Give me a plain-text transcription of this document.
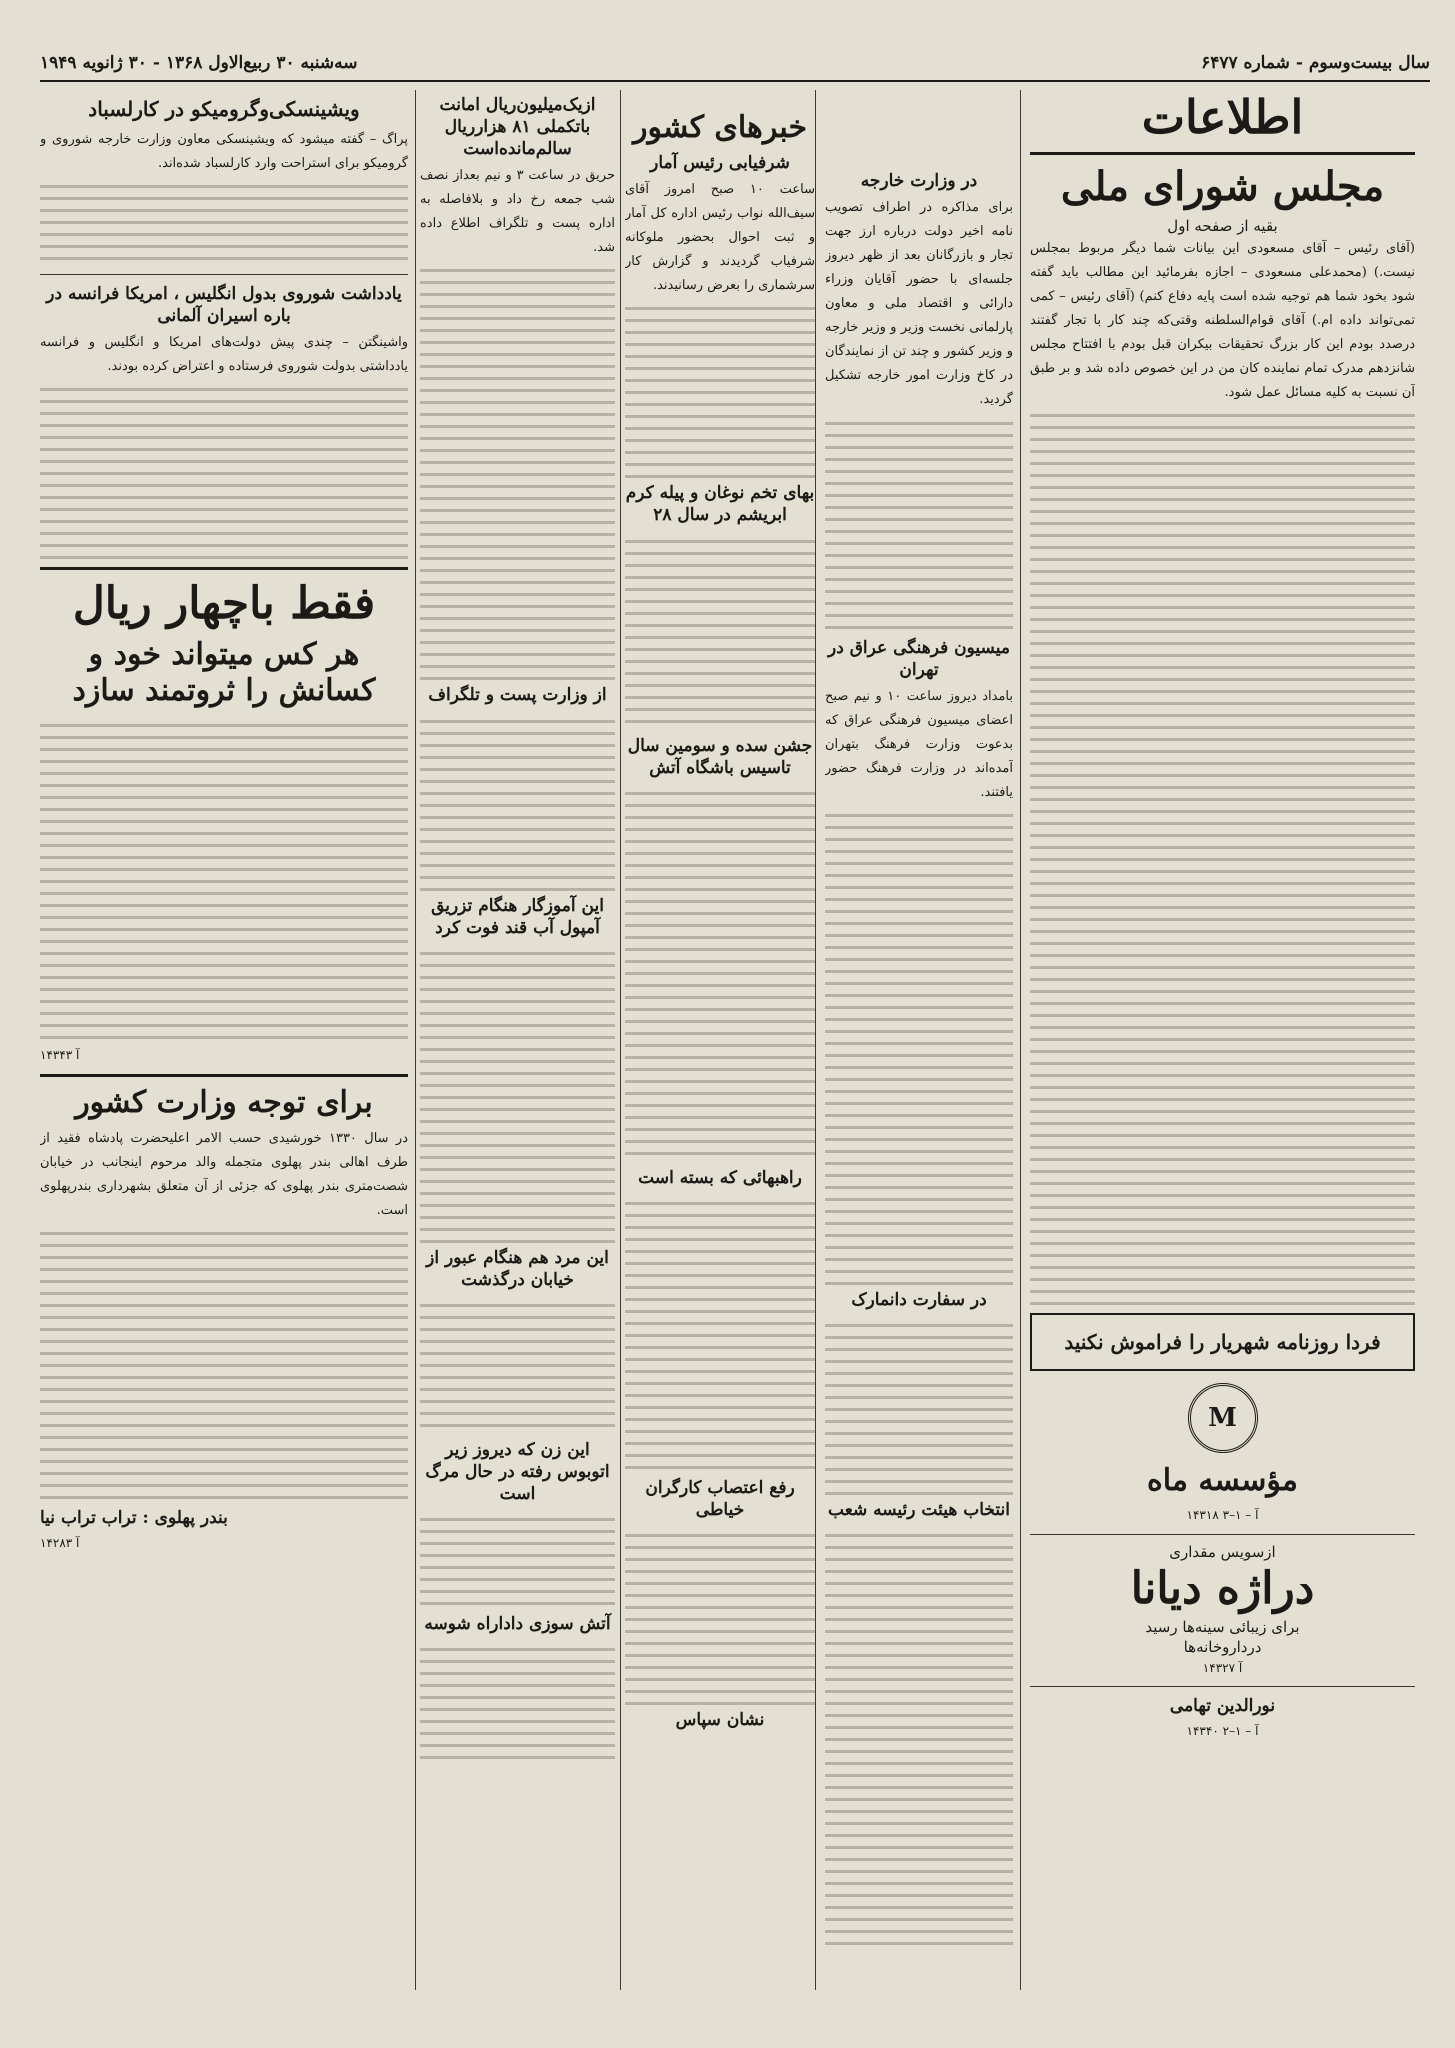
سال بیست‌وسوم - شماره ۶۴۷۷
سه‌شنبه ۳۰ ربیع‌الاول ۱۳۶۸ - ۳۰ ژانویه ۱۹۴۹
اطلاعات
مجلس شورای ملی
بقیه از صفحه اول

(آقای رئیس – آقای مسعودی این بیانات شما دیگر مربوط بمجلس نیست.) (محمدعلی مسعودی – اجازه بفرمائید این مطالب باید گفته شود بخود شما هم توجیه شده است پایه دفاع کنم) (آقای رئیس – کمی تمی‌تواند داده ام.) آقای قوام‌السلطنه وقتی‌که چند کار با تجار گفتند درصدد بودم این کار بزرگ تحقیقات بیکران قبل بودم با افتتاح مجلس شانزدهم مدرک تمام نماینده کان من در این خصوص داده شد و بر طبق آن نسبت به کلیه مسائل عمل شود.

فردا روزنامه شهریار را فراموش نکنید
M
مؤسسه ماه
۱۴۳۱۸ آ – ۱–۳
ازسویس مقداری
دراژه دیانا
برای زیبائی سینه‌ها رسید
درداروخانه‌ها
۱۴۳۲۷ آ
نورالدین تهامی
۱۴۳۴۰ آ – ۱–۲
در وزارت خارجه

برای مذاکره در اطراف تصویب نامه اخیر دولت درباره ارز جهت تجار و بازرگانان بعد از ظهر دیروز جلسه‌ای با حضور آقایان وزراء دارائی و اقتصاد ملی و معاون پارلمانی نخست وزیر و وزیر خارجه و وزیر کشور و چند تن از نمایندگان در کاخ وزارت امور خارجه تشکیل گردید.

میسیون فرهنگی عراق در تهران

بامداد دیروز ساعت ۱۰ و نیم صبح اعضای میسیون فرهنگی عراق که بدعوت وزارت فرهنگ بتهران آمده‌اند در وزارت فرهنگ حضور یافتند.

در سفارت دانمارک
انتخاب هیئت رئیسه شعب
خبرهای کشور
شرفیابی رئیس آمار

ساعت ۱۰ صبح امروز آقای سیف‌الله نواب رئیس اداره کل آمار و ثبت احوال بحضور ملوکانه شرفیاب گردیدند و گزارش کار سرشماری را بعرض رسانیدند.

بهای تخم نوغان و پیله کرم ابریشم در سال ۲۸
جشن سده و سومین سال تاسیس باشگاه آتش
راهبهائی که بسته است
رفع اعتصاب کارگران خیاطی
نشان سپاس
ازیک‌میلیون‌ریال امانت باتکملی ۸۱ هزارریال سالم‌مانده‌است

حریق در ساعت ۳ و نیم بعداز نصف شب جمعه‌ رخ داد و بلافاصله به اداره پست و تلگراف اطلاع داده شد.

از وزارت پست و تلگراف
این آموزگار هنگام تزریق آمپول آب قند فوت کرد
این مرد هم هنگام عبور از خیابان درگذشت
این زن که دیروز زیر اتوبوس رفته در حال مرگ است
آتش سوزی داداراه شوسه
ویشینسکی‌وگرومیکو در کارلسباد

پراگ – گفته میشود که ویشینسکی معاون وزارت خارجه شوروی و گرومیکو برای استراحت وارد کارلسباد شده‌اند.

یادداشت شوروی بدول انگلیس ، امریکا فرانسه در باره اسیران آلمانی

واشینگتن – چندی پیش دولت‌های امریکا و انگلیس و فرانسه یادداشتی بدولت شوروی فرستاده و اعتراض کرده بودند.

فقط باچهار ریال
هر کس میتواند خود و کسانش را ثروتمند سازد
۱۴۳۴۳ آ
برای توجه وزارت کشور

در سال ۱۳۳۰ خورشیدی حسب الامر اعلیحضرت پادشاه فقید از طرف اهالی بندر پهلوی متجمله والد مرحوم اینجانب در خیابان شصت‌متری بندر پهلوی که جزئی از آن متعلق بشهرداری بندرپهلوی است.

بندر پهلوی : تراب تراب نیا
۱۴۲۸۳ آ
